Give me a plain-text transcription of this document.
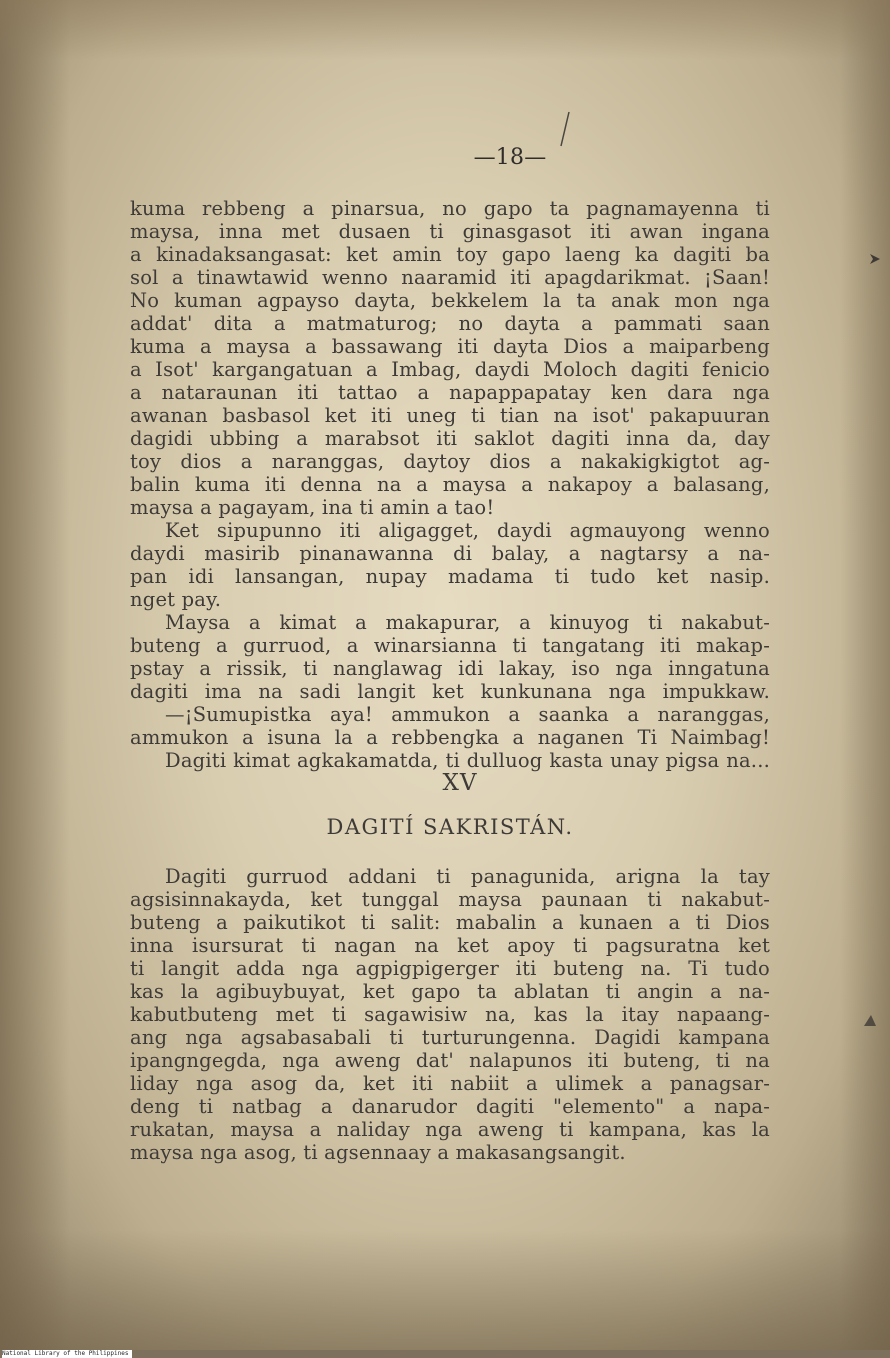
—18—
kuma rebbeng a pinarsua, no gapo ta pagnamayenna ti
maysa, inna met dusaen ti ginasgasot iti awan ingana
a kinadaksangasat: ket amin toy gapo laeng ka dagiti ba
sol a tinawtawid wenno naaramid iti apagdarikmat. ¡Saan!
No kuman agpayso dayta, bekkelem la ta anak mon nga
addat' dita a matmaturog; no dayta a pammati saan
kuma a maysa a bassawang iti dayta Dios a maiparbeng
a Isot' kargangatuan a Imbag, daydi Moloch dagiti fenicio
a nataraunan iti tattao a napappapatay ken dara nga
awanan basbasol ket iti uneg ti tian na isot' pakapuuran
dagidi ubbing a marabsot iti saklot dagiti inna da, day
toy dios a naranggas, daytoy dios a nakakigkigtot ag-
balin kuma iti denna na a maysa a nakapoy a balasang,
maysa a pagayam, ina ti amin a tao!
Ket sipupunno iti aligagget, daydi agmauyong wenno
daydi masirib pinanawanna di balay, a nagtarsy a na-
pan idi lansangan, nupay madama ti tudo ket nasip.
nget pay.
Maysa a kimat a makapurar, a kinuyog ti nakabut-
buteng a gurruod, a winarsianna ti tangatang iti makap-
pstay a rissik, ti nanglawag idi lakay, iso nga inngatuna
dagiti ima na sadi langit ket kunkunana nga impukkaw.
—¡Sumupistka aya! ammukon a saanka a naranggas,
ammukon a isuna la a rebbengka a naganen Ti Naimbag!
Dagiti kimat agkakamatda, ti dulluog kasta unay pigsa na...
XV
DAGITÍ SAKRISTÁN.
Dagiti gurruod addani ti panagunida, arigna la tay
agsisinnakayda, ket tunggal maysa paunaan ti nakabut-
buteng a paikutikot ti salit: mabalin a kunaen a ti Dios
inna isursurat ti nagan na ket apoy ti pagsuratna ket
ti langit adda nga agpigpigerger iti buteng na. Ti tudo
kas la agibuybuyat, ket gapo ta ablatan ti angin a na-
kabutbuteng met ti sagawisiw na, kas la itay napaang-
ang nga agsabasabali ti turturungenna. Dagidi kampana
ipangngegda, nga aweng dat' nalapunos iti buteng, ti na
liday nga asog da, ket iti nabiit a ulimek a panagsar-
deng ti natbag a danarudor dagiti "elemento" a napa-
rukatan, maysa a naliday nga aweng ti kampana, kas la
maysa nga asog, ti agsennaay a makasangsangit.
National Library of the Philippines
